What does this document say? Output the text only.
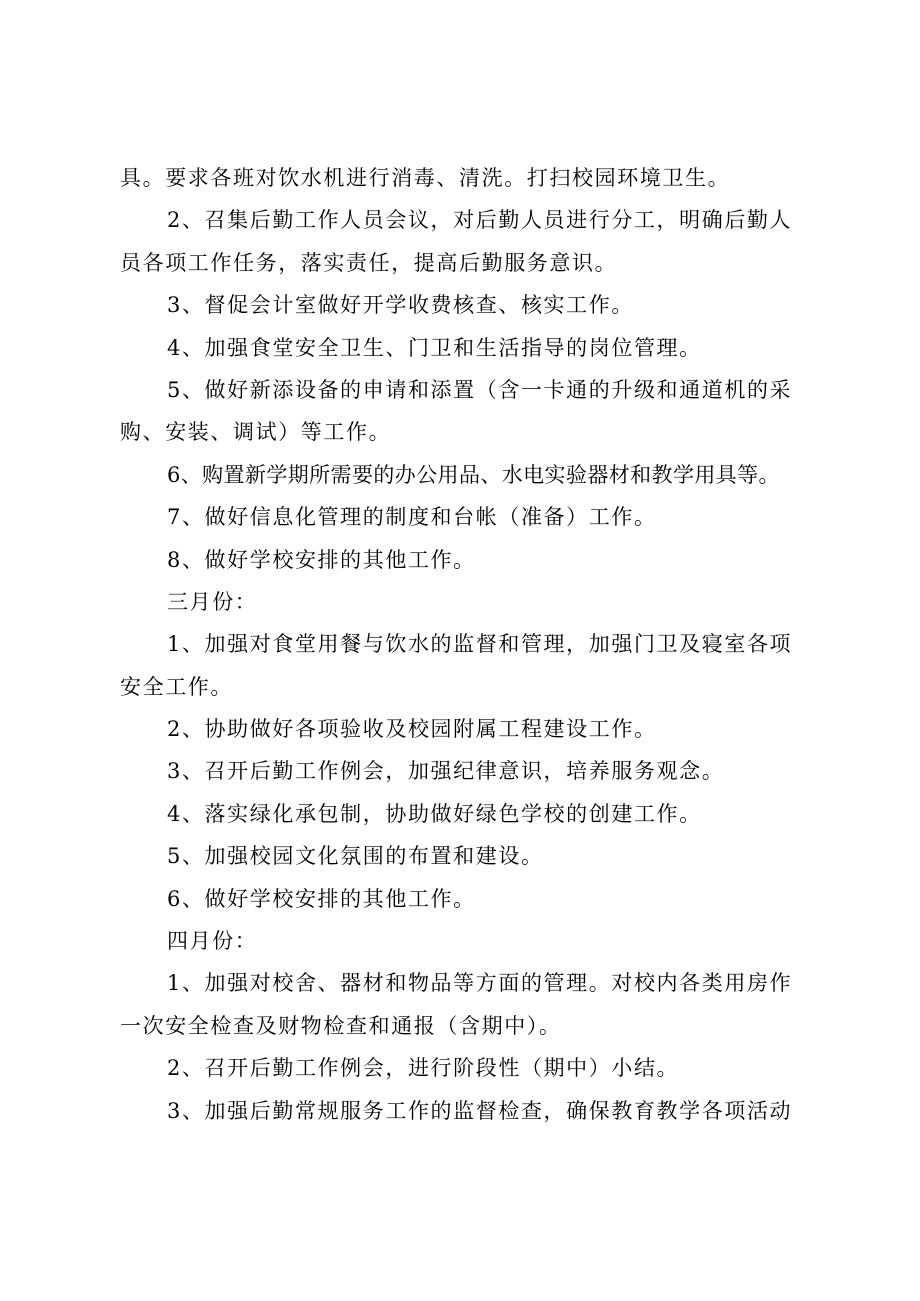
具。要求各班对饮水机进行消毒、清洗。打扫校园环境卫生。
2、召集后勤工作人员会议，对后勤人员进行分工，明确后勤人
员各项工作任务，落实责任，提高后勤服务意识。
3、督促会计室做好开学收费核查、核实工作。
4、加强食堂安全卫生、门卫和生活指导的岗位管理。
5、做好新添设备的申请和添置（含一卡通的升级和通道机的采
购、安装、调试）等工作。
6、购置新学期所需要的办公用品、水电实验器材和教学用具等。
7、做好信息化管理的制度和台帐（准备）工作。
8、做好学校安排的其他工作。
三月份：
1、加强对食堂用餐与饮水的监督和管理，加强门卫及寝室各项
安全工作。
2、协助做好各项验收及校园附属工程建设工作。
3、召开后勤工作例会，加强纪律意识，培养服务观念。
4、落实绿化承包制，协助做好绿色学校的创建工作。
5、加强校园文化氛围的布置和建设。
6、做好学校安排的其他工作。
四月份：
1、加强对校舍、器材和物品等方面的管理。对校内各类用房作
一次安全检查及财物检查和通报（含期中）。
2、召开后勤工作例会，进行阶段性（期中）小结。
3、加强后勤常规服务工作的监督检查，确保教育教学各项活动
